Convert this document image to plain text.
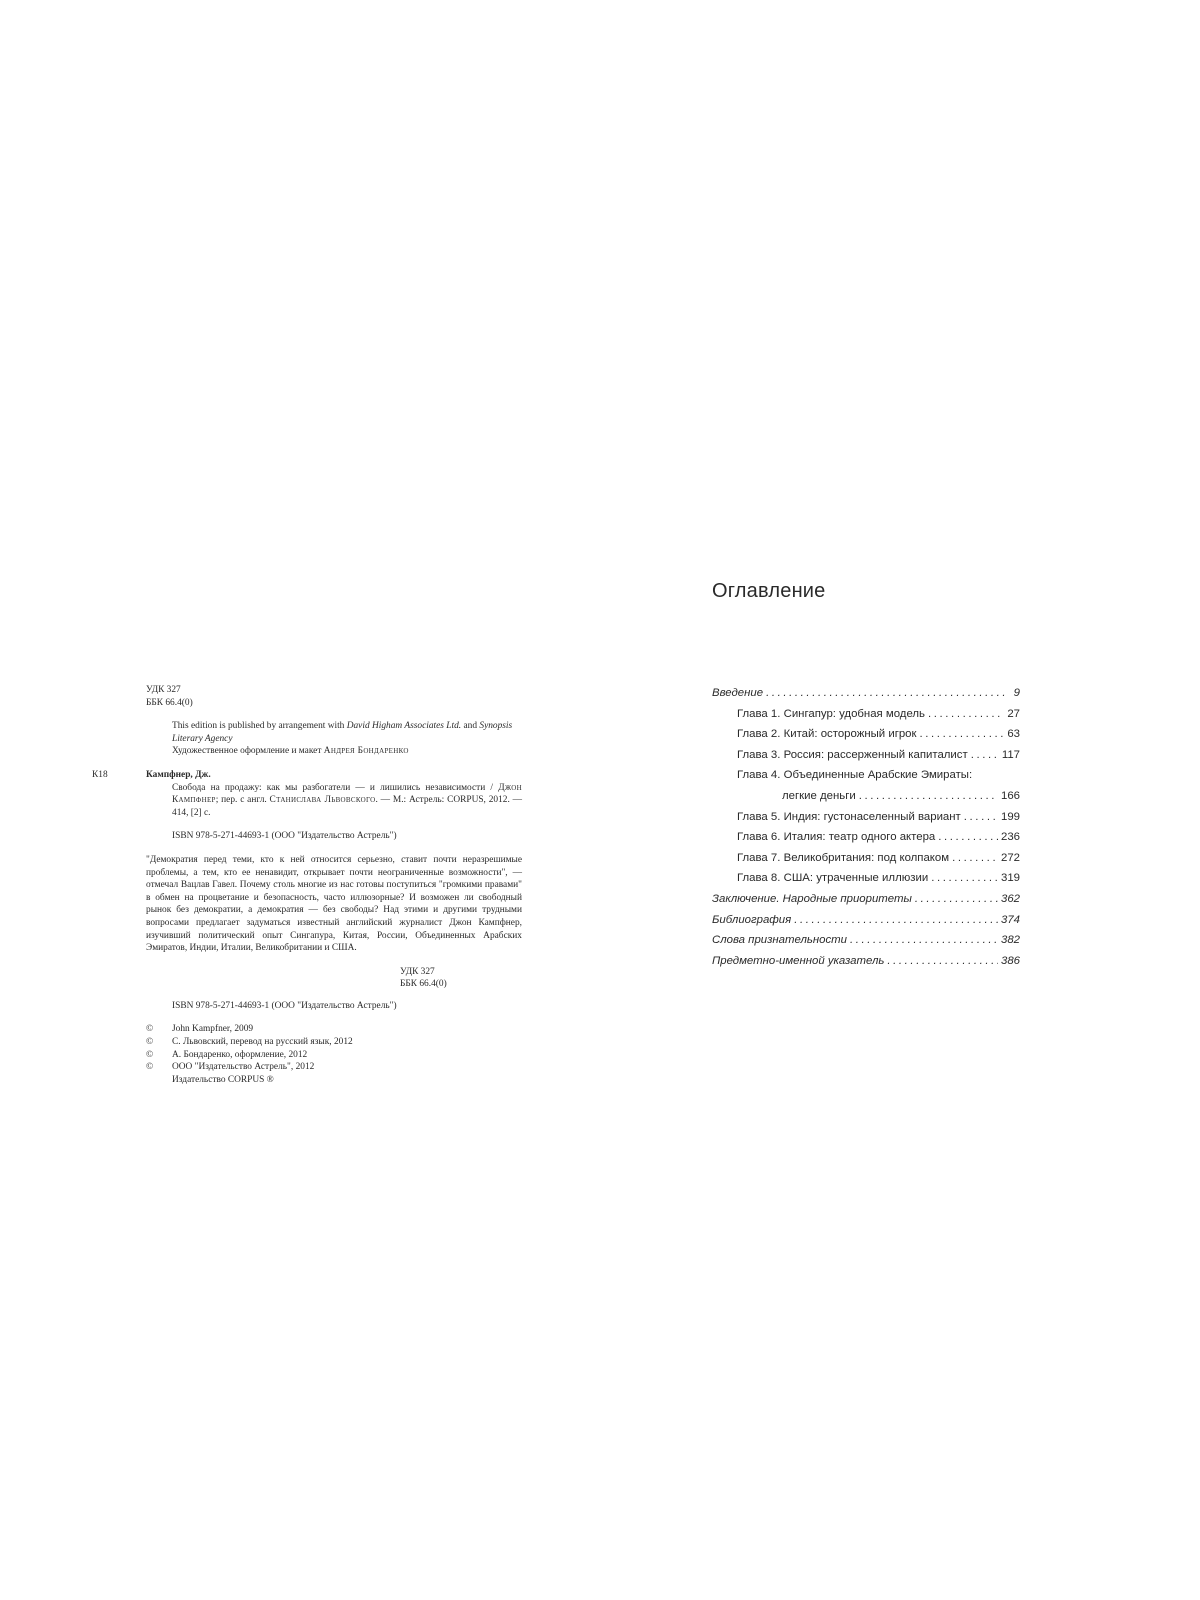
УДК 327

ББК 66.4(0)

This edition is published by arrangement with David Higham Associates Ltd. and Synopsis Literary Agency

Художественное оформление и макет Андрея Бондаренко

К18	Кампфнер, Дж.

Свобода на продажу: как мы разбогатели — и лишились независимости / Джон Кампфнер; пер. с англ. Станислава Львовского. — М.: Астрель: CORPUS, 2012. — 414, [2] с.

ISBN 978-5-271-44693-1 (ООО "Издательство Астрель")

"Демократия перед теми, кто к ней относится серьезно, ставит почти неразрешимые проблемы, а тем, кто ее ненавидит, открывает почти неограниченные возможности", — отмечал Вацлав Гавел. Почему столь многие из нас готовы поступиться "громкими правами" в обмен на процветание и безопасность, часто иллюзорные? И возможен ли свободный рынок без демократии, а демократия — без свободы? Над этими и другими трудными вопросами предлагает задуматься известный английский журналист Джон Кампфнер, изучивший политический опыт Сингапура, Китая, России, Объединенных Арабских Эмиратов, Индии, Италии, Великобритании и США.

УДК 327

ББК 66.4(0)

ISBN 978-5-271-44693-1 (ООО "Издательство Астрель")

©	John Kampfner, 2009
©	С. Львовский, перевод на русский язык, 2012
©	А. Бондаренко, оформление, 2012
©	ООО "Издательство Астрель", 2012

Издательство CORPUS ®

Оглавление
Введение .....	9
Глава 1. Сингапур: удобная модель .....	27
Глава 2. Китай: осторожный игрок .....	63
Глава 3. Россия: рассерженный капиталист .....	117
Глава 4. Объединенные Арабские Эмираты:
легкие деньги .....	166
Глава 5. Индия: густонаселенный вариант .....	199
Глава 6. Италия: театр одного актера .....	236
Глава 7. Великобритания: под колпаком .....	272
Глава 8. США: утраченные иллюзии .....	319
Заключение. Народные приоритеты .....	362
Библиография .....	374
Слова признательности .....	382
Предметно-именной указатель .....	386
